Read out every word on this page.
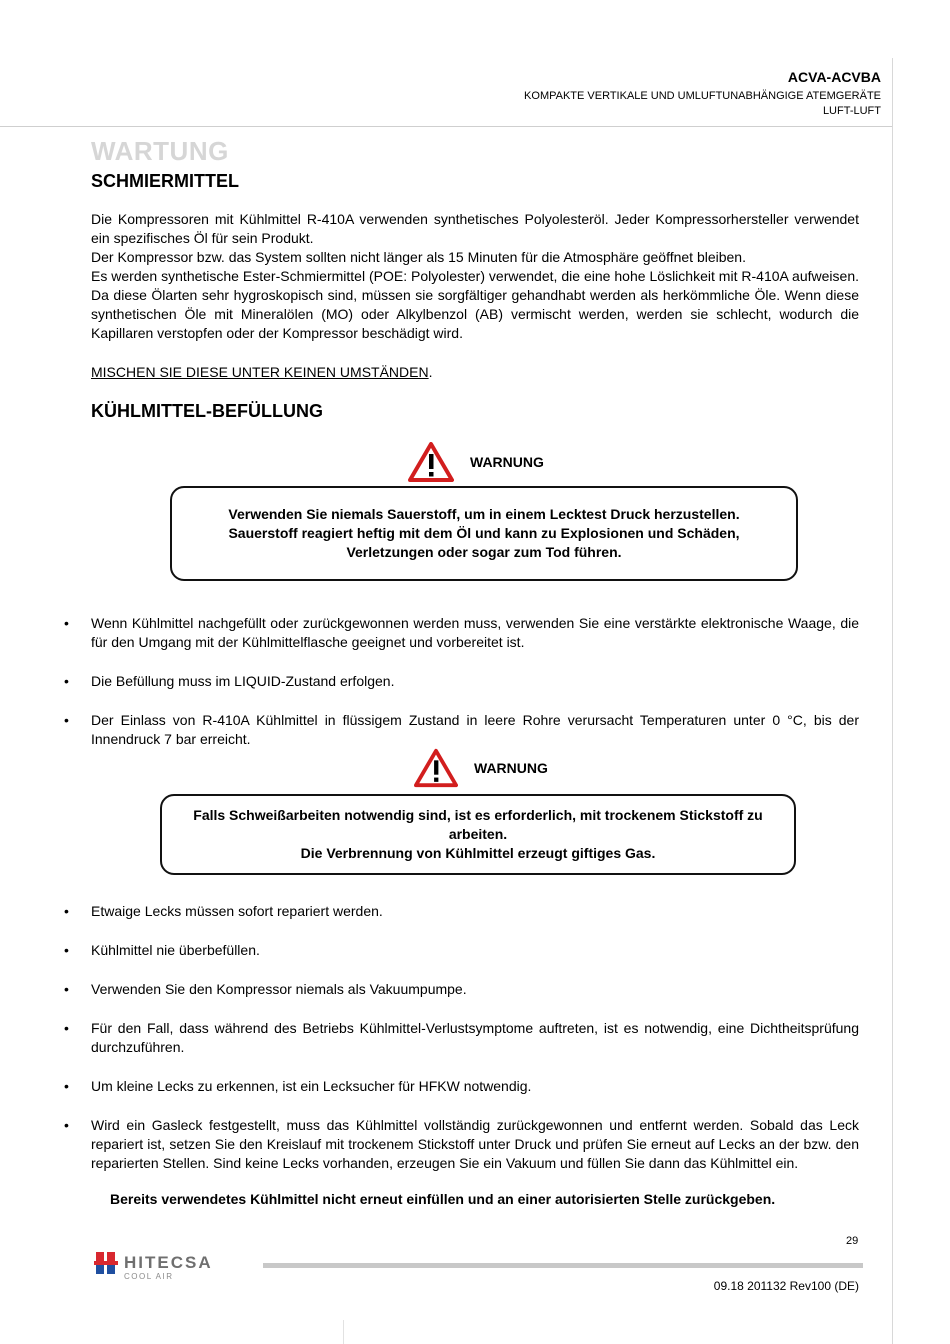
ACVA-ACVBA
KOMPAKTE VERTIKALE UND UMLUFTUNABHÄNGIGE ATEMGERÄTE
LUFT-LUFT
WARTUNG
SCHMIERMITTEL

Die Kompressoren mit Kühlmittel R-410A verwenden synthetisches Polyolesteröl. Jeder Kompressorhersteller verwendet ein spezifisches Öl für sein Produkt.

Der Kompressor bzw. das System sollten nicht länger als 15 Minuten für die Atmosphäre geöffnet bleiben.

Es werden synthetische Ester-Schmiermittel (POE: Polyolester) verwendet, die eine hohe Löslichkeit mit R-410A aufweisen. Da diese Ölarten sehr hygroskopisch sind, müssen sie sorgfältiger gehandhabt werden als herkömmliche Öle. Wenn diese synthetischen Öle mit Mineralölen (MO) oder Alkylbenzol (AB) vermischt werden, werden sie schlecht, wodurch die Kapillaren verstopfen oder der Kompressor beschädigt wird.

MISCHEN SIE DIESE UNTER KEINEN UMSTÄNDEN.
KÜHLMITTEL-BEFÜLLUNG
WARNUNG
Verwenden Sie niemals Sauerstoff, um in einem Lecktest Druck herzustellen.
Sauerstoff reagiert heftig mit dem Öl und kann zu Explosionen und Schäden,
Verletzungen oder sogar zum Tod führen.
•	Wenn Kühlmittel nachgefüllt oder zurückgewonnen werden muss, verwenden Sie eine verstärkte elektronische Waage, die für den Umgang mit der Kühlmittelflasche geeignet und vorbereitet ist.
•	Die Befüllung muss im LIQUID-Zustand erfolgen.
•	Der Einlass von R-410A Kühlmittel in flüssigem Zustand in leere Rohre verursacht Temperaturen unter 0 °C, bis der Innendruck 7 bar erreicht.
WARNUNG
Falls Schweißarbeiten notwendig sind, ist es erforderlich, mit trockenem Stickstoff zu
arbeiten.
Die Verbrennung von Kühlmittel erzeugt giftiges Gas.
•	Etwaige Lecks müssen sofort repariert werden.
•	Kühlmittel nie überbefüllen.
•	Verwenden Sie den Kompressor niemals als Vakuumpumpe.
•	Für den Fall, dass während des Betriebs Kühlmittel-Verlustsymptome auftreten, ist es notwendig, eine Dichtheitsprüfung durchzuführen.
•	Um kleine Lecks zu erkennen, ist ein Lecksucher für HFKW notwendig.
•	Wird ein Gasleck festgestellt, muss das Kühlmittel vollständig zurückgewonnen und entfernt werden. Sobald das Leck repariert ist, setzen Sie den Kreislauf mit trockenem Stickstoff unter Druck und prüfen Sie erneut auf Lecks an der bzw. den reparierten Stellen. Sind keine Lecks vorhanden, erzeugen Sie ein Vakuum und füllen Sie dann das Kühlmittel ein.
Bereits verwendetes Kühlmittel nicht erneut einfüllen und an einer autorisierten Stelle zurückgeben.
29
HITECSA
COOL AIR
09.18 201132 Rev100 (DE)
